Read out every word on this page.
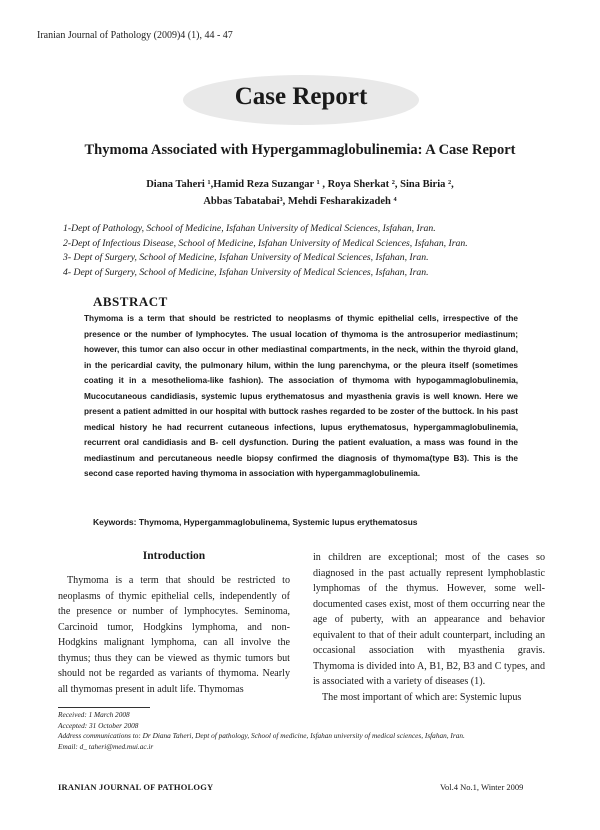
Iranian Journal of Pathology (2009)4 (1), 44 - 47
Case Report
Thymoma Associated with Hypergammaglobulinemia: A Case Report
Diana Taheri ¹,Hamid Reza Suzangar ¹ , Roya Sherkat ², Sina Biria ²,
Abbas Tabatabai³, Mehdi Fesharakizadeh ⁴
1-Dept of Pathology, School of Medicine, Isfahan University of Medical Sciences, Isfahan, Iran.
2-Dept of Infectious Disease, School of Medicine, Isfahan University of Medical Sciences, Isfahan, Iran.
3- Dept of Surgery, School of Medicine, Isfahan University of Medical Sciences, Isfahan, Iran.
4- Dept of Surgery, School of Medicine, Isfahan University of Medical Sciences, Isfahan, Iran.
ABSTRACT
Thymoma is a term that should be restricted to neoplasms of thymic epithelial cells, irrespective of the presence or the number of lymphocytes. The usual location of thymoma is the antrosuperior mediastinum; however, this tumor can also occur in other mediastinal compartments, in the neck, within the thyroid gland, in the pericardial cavity, the pulmonary hilum, within the lung parenchyma, or the pleura itself (sometimes coating it in a mesothelioma-like fashion). The association of thymoma with hypogammaglobulinemia, Mucocutaneous candidiasis, systemic lupus erythematosus and myasthenia gravis is well known. Here we present a patient admitted in our hospital with buttock rashes regarded to be zoster of the buttock. In his past medical history he had recurrent cutaneous infections, lupus erythematosus, hypergammaglobulinemia, recurrent oral candidiasis and B- cell dysfunction. During the patient evaluation, a mass was found in the mediastinum and percutaneous needle biopsy confirmed the diagnosis of thymoma(type B3). This is the second case reported having thymoma in association with hypergammaglobulinemia.
Keywords: Thymoma, Hypergammaglobulinema, Systemic lupus erythematosus
Introduction
Thymoma is a term that should be restricted to neoplasms of thymic epithelial cells, independently of the presence or number of lymphocytes. Seminoma, Carcinoid tumor, Hodgkins lymphoma, and non-Hodgkins malignant lymphoma, can all involve the thymus; thus they can be viewed as thymic tumors but should not be regarded as variants of thymoma. Nearly all thymomas present in adult life. Thymomas
in children are exceptional; most of the cases so diagnosed in the past actually represent lymphoblastic lymphomas of the thymus. However, some well-documented cases exist, most of them occurring near the age of puberty, with an appearance and behavior equivalent to that of their adult counterpart, including an occasional association with myasthenia gravis. Thymoma is divided into A, B1, B2, B3 and C types, and is associated with a variety of diseases (1).
The most important of which are: Systemic lupus
Received: 1 March 2008
Accepted: 31 October 2008
Address communications to: Dr Diana Taheri, Dept of pathology, School of medicine, Isfahan university of medical sciences, Isfahan, Iran.
Email: d_ taheri@med.mui.ac.ir
IRANIAN JOURNAL OF PATHOLOGY	Vol.4 No.1, Winter 2009
